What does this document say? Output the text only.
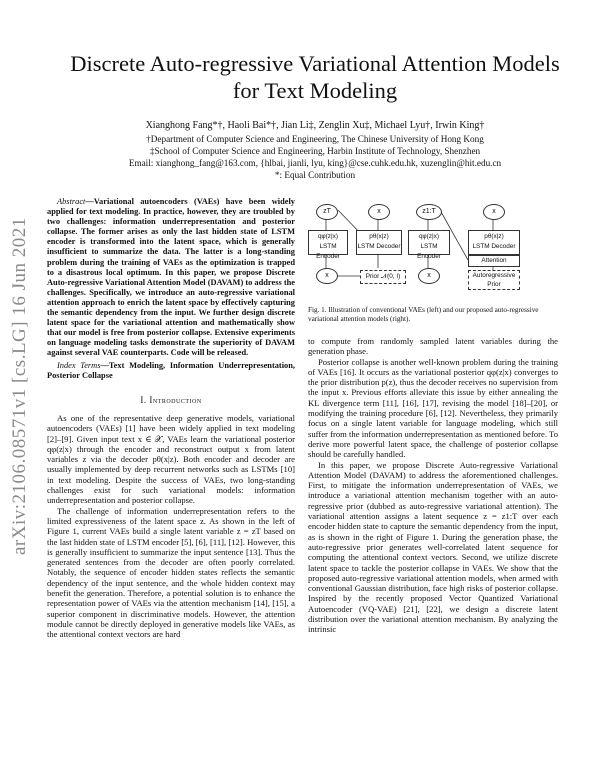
arXiv:2106.08571v1 [cs.LG] 16 Jun 2021
Discrete Auto-regressive Variational Attention Models for Text Modeling
Xianghong Fang*†, Haoli Bai*†, Jian Li‡, Zenglin Xu‡, Michael Lyu†, Irwin King†
†Department of Computer Science and Engineering, The Chinese University of Hong Kong
‡School of Computer Science and Engineering, Harbin Institute of Technology, Shenzhen
Email: xianghong_fang@163.com, {hlbai, jianli, lyu, king}@cse.cuhk.edu.hk, xuzenglin@hit.edu.cn
*: Equal Contribution

Abstract—Variational autoencoders (VAEs) have been widely applied for text modeling. In practice, however, they are troubled by two challenges: information underrepresentation and posterior collapse. The former arises as only the last hidden state of LSTM encoder is transformed into the latent space, which is generally insufficient to summarize the data. The latter is a long-standing problem during the training of VAEs as the optimization is trapped to a disastrous local optimum. In this paper, we propose Discrete Auto-regressive Variational Attention Model (DAVAM) to address the challenges. Specifically, we introduce an auto-regressive variational attention approach to enrich the latent space by effectively capturing the semantic dependency from the input. We further design discrete latent space for the variational attention and mathematically show that our model is free from posterior collapse. Extensive experiments on language modeling tasks demonstrate the superiority of DAVAM against several VAE counterparts. Code will be released.

Index Terms—Text Modeling, Information Underrepresentation, Posterior Collapse

I. Introduction

As one of the representative deep generative models, variational autoencoders (VAEs) [1] have been widely applied in text modeling [2]–[9]. Given input text x ∈ 𝒳, VAEs learn the variational posterior qφ(z|x) through the encoder and reconstruct output x from latent variables z via the decoder pθ(x|z). Both encoder and decoder are usually implemented by deep recurrent networks such as LSTMs [10] in text modeling. Despite the success of VAEs, two long-standing challenges exist for such variational models: information underrepresentation and posterior collapse.

The challenge of information underrepresentation refers to the limited expressiveness of the latent space z. As shown in the left of Figure 1, current VAEs build a single latent variable z = zT based on the last hidden state of LSTM encoder [5], [6], [11], [12]. However, this is generally insufficient to summarize the input sentence [13]. Thus the generated sentences from the decoder are often poorly correlated. Notably, the sequence of encoder hidden states reflects the semantic dependency of the input sentence, and the whole hidden context may benefit the generation. Therefore, a potential solution is to enhance the representation power of VAEs via the attention mechanism [14], [15], a superior component in discriminative models. However, the attention module cannot be directly deployed in generative models like VAEs, as the attentional context vectors are hard

zT	x
qφ(z|x)
LSTM Encoder
pθ(x|z)
LSTM Decoder
x	Prior 𝒩(0, I)
z1:T	x
qφ(z|x)
LSTM Encoder
pθ(x|z)
LSTM Decoder
Attention
Autoregressive Prior
x
Fig. 1. Illustration of conventional VAEs (left) and our proposed auto-regressive variational attention models (right).

to compute from randomly sampled latent variables during the generation phase.

Posterior collapse is another well-known problem during the training of VAEs [16]. It occurs as the variational posterior qφ(z|x) converges to the prior distribution p(z), thus the decoder receives no supervision from the input x. Previous efforts alleviate this issue by either annealing the KL divergence term [11], [16], [17], revising the model [18]–[20], or modifying the training procedure [6], [12]. Nevertheless, they primarily focus on a single latent variable for language modeling, which still suffer from the information underrepresentation as mentioned before. To derive more powerful latent space, the challenge of posterior collapse should be carefully handled.

In this paper, we propose Discrete Auto-regressive Variational Attention Model (DAVAM) to address the aforementioned challenges. First, to mitigate the information underrepresentation of VAEs, we introduce a variational attention mechanism together with an auto-regressive prior (dubbed as auto-regressive variational attention). The variational attention assigns a latent sequence z = z1:T over each encoder hidden state to capture the semantic dependency from the input, as is shown in the right of Figure 1. During the generation phase, the auto-regressive prior generates well-correlated latent sequence for computing the attentional context vectors. Second, we utilize discrete latent space to tackle the posterior collapse in VAEs. We show that the proposed auto-regressive variational attention models, when armed with conventional Gaussian distribution, face high risks of posterior collapse. Inspired by the recently proposed Vector Quantized Variational Autoencoder (VQ-VAE) [21], [22], we design a discrete latent distribution over the variational attention mechanism. By analyzing the intrinsic
